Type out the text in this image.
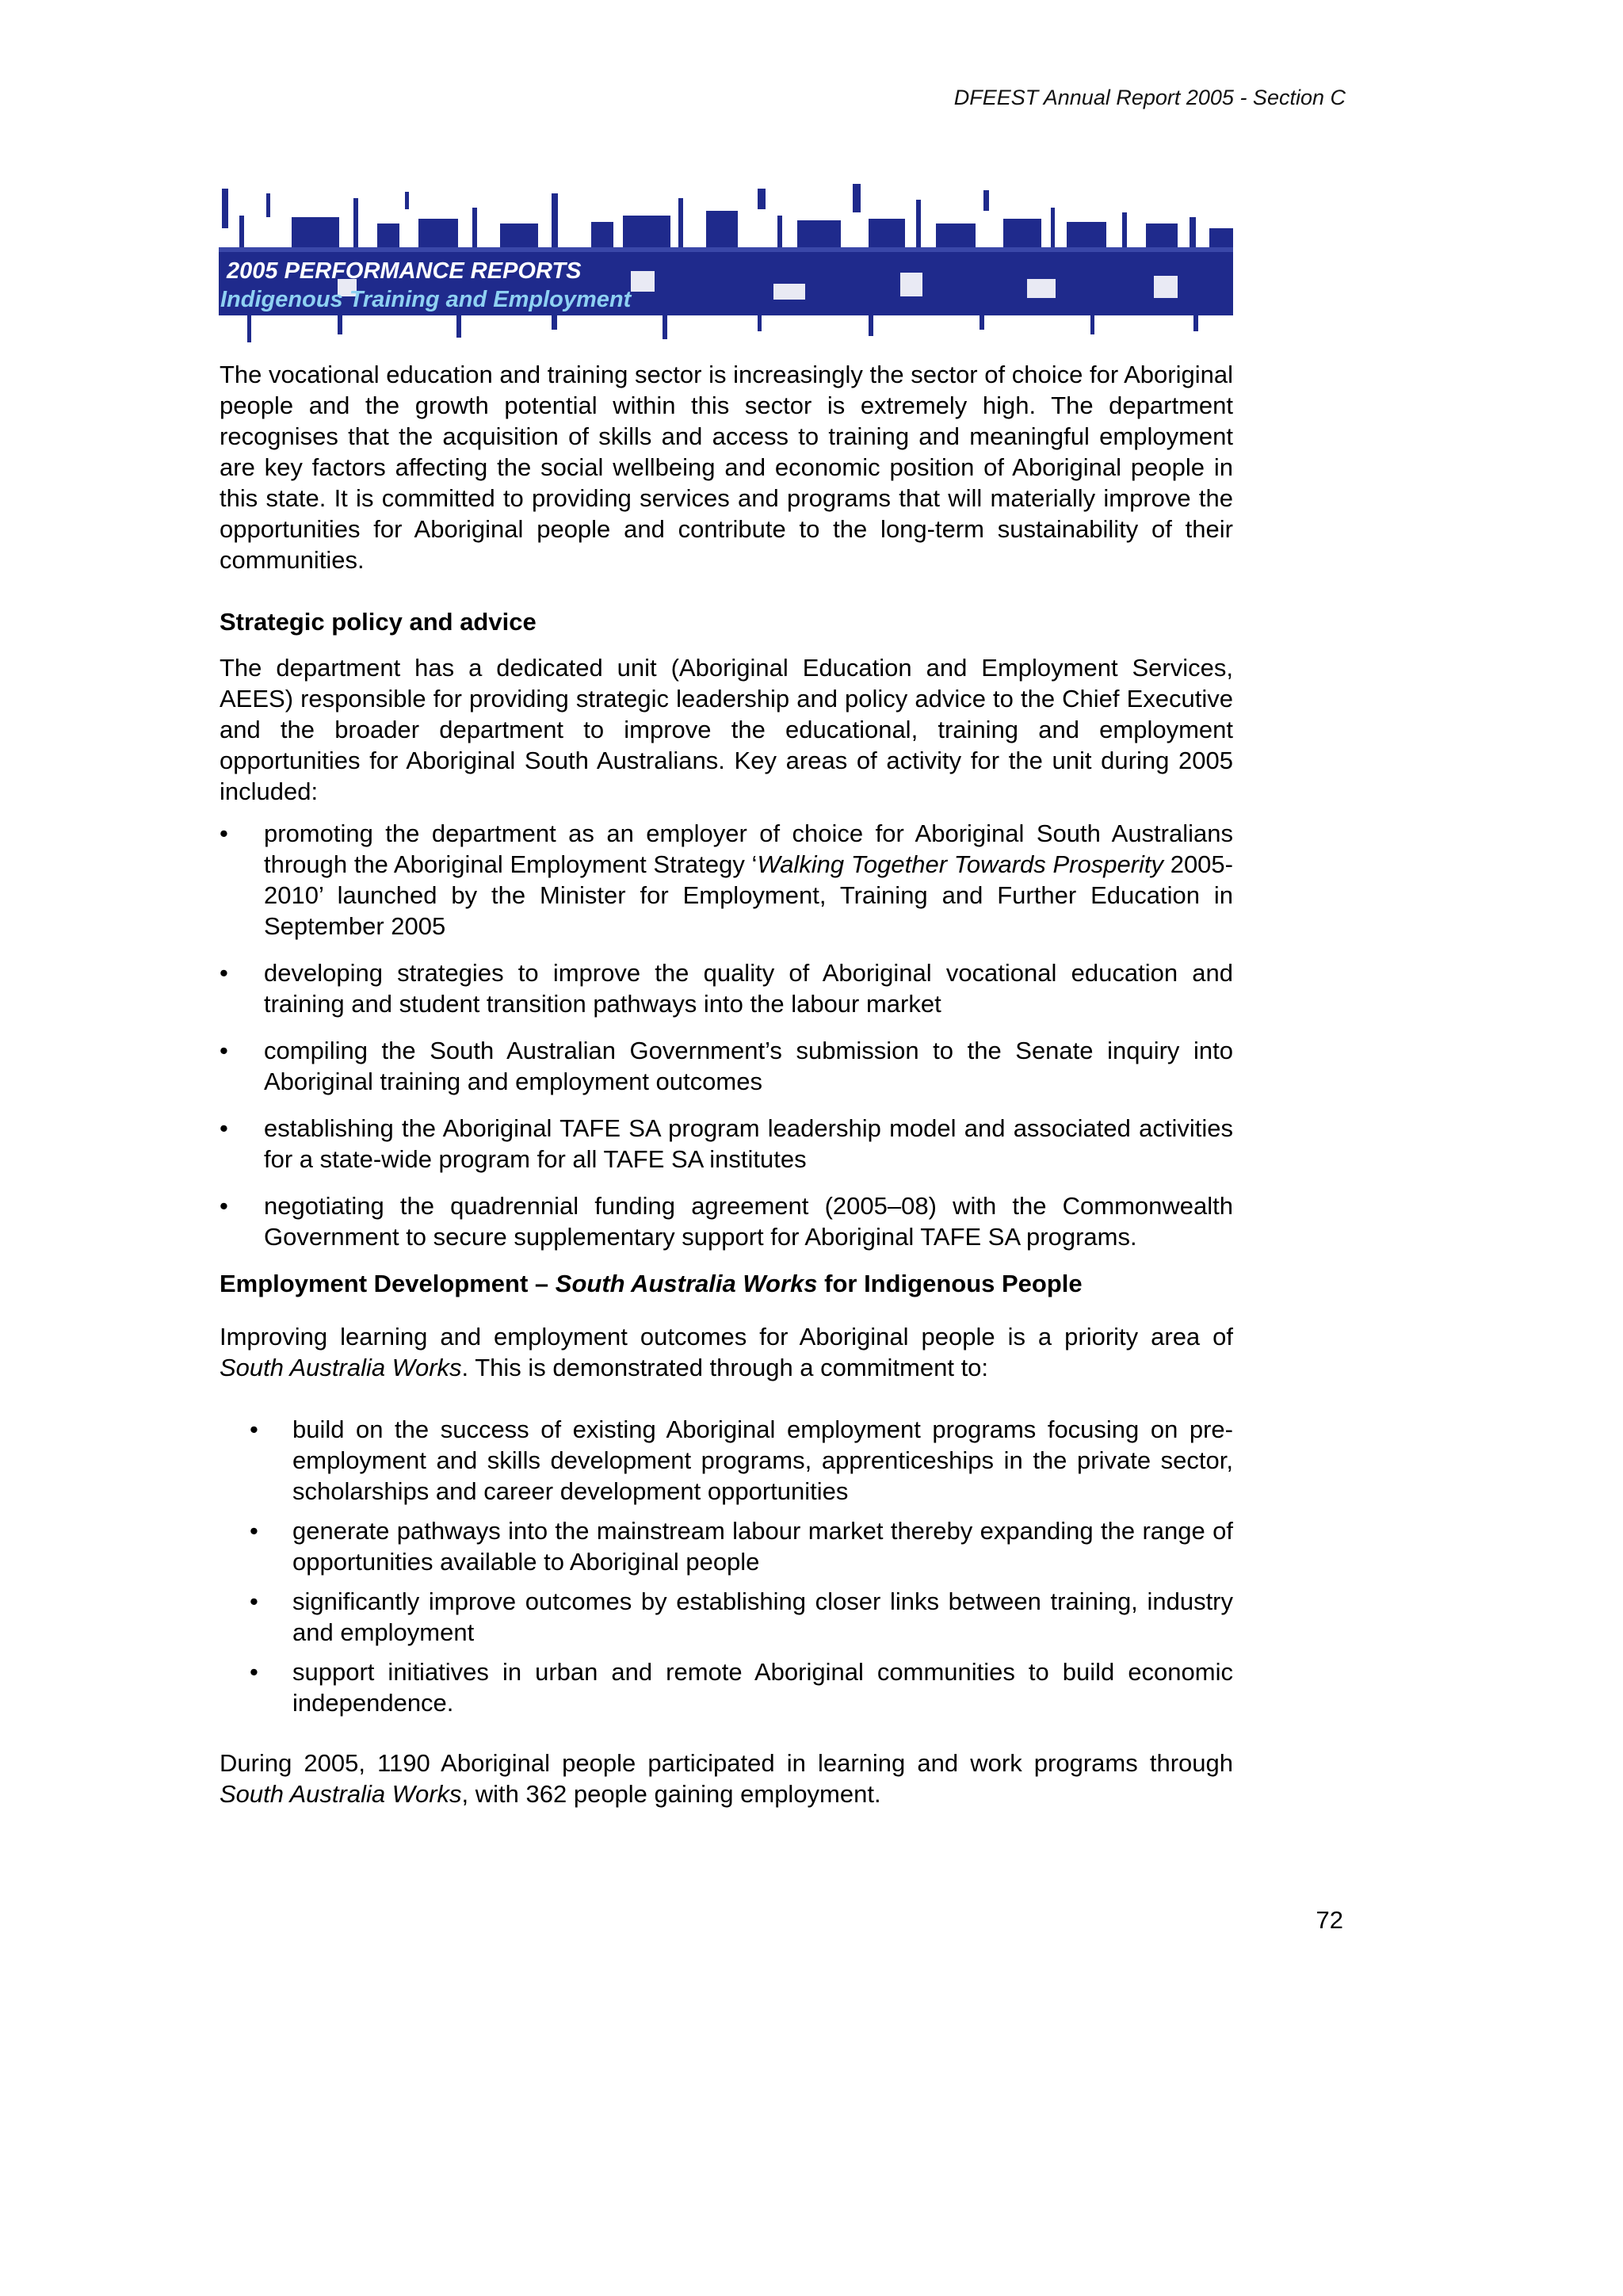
DFEEST Annual Report 2005 - Section C
2005 PERFORMANCE REPORTS
Indigenous Training and Employment

The vocational education and training sector is increasingly the sector of choice for Aboriginal people and the growth potential within this sector is extremely high. The department recognises that the acquisition of skills and access to training and meaningful employment are key factors affecting the social wellbeing and economic position of Aboriginal people in this state. It is committed to providing services and programs that will materially improve the opportunities for Aboriginal people and contribute to the long-term sustainability of their communities.

Strategic policy and advice

The department has a dedicated unit (Aboriginal Education and Employment Services, AEES) responsible for providing strategic leadership and policy advice to the Chief Executive and the broader department to improve the educational, training and employment opportunities for Aboriginal South Australians. Key areas of activity for the unit during 2005 included:

• promoting the department as an employer of choice for Aboriginal South Australians through the Aboriginal Employment Strategy ‘Walking Together Towards Prosperity 2005-2010’ launched by the Minister for Employment, Training and Further Education in September 2005
• developing strategies to improve the quality of Aboriginal vocational education and training and student transition pathways into the labour market
• compiling the South Australian Government’s submission to the Senate inquiry into Aboriginal training and employment outcomes
• establishing the Aboriginal TAFE SA program leadership model and associated activities for a state-wide program for all TAFE SA institutes
• negotiating the quadrennial funding agreement (2005–08) with the Commonwealth Government to secure supplementary support for Aboriginal TAFE SA programs.
Employment Development – South Australia Works for Indigenous People

Improving learning and employment outcomes for Aboriginal people is a priority area of South Australia Works. This is demonstrated through a commitment to:

• build on the success of existing Aboriginal employment programs focusing on pre-employment and skills development programs, apprenticeships in the private sector, scholarships and career development opportunities
• generate pathways into the mainstream labour market thereby expanding the range of opportunities available to Aboriginal people
• significantly improve outcomes by establishing closer links between training, industry and employment
• support initiatives in urban and remote Aboriginal communities to build economic independence.

During 2005, 1190 Aboriginal people participated in learning and work programs through South Australia Works, with 362 people gaining employment.

72
